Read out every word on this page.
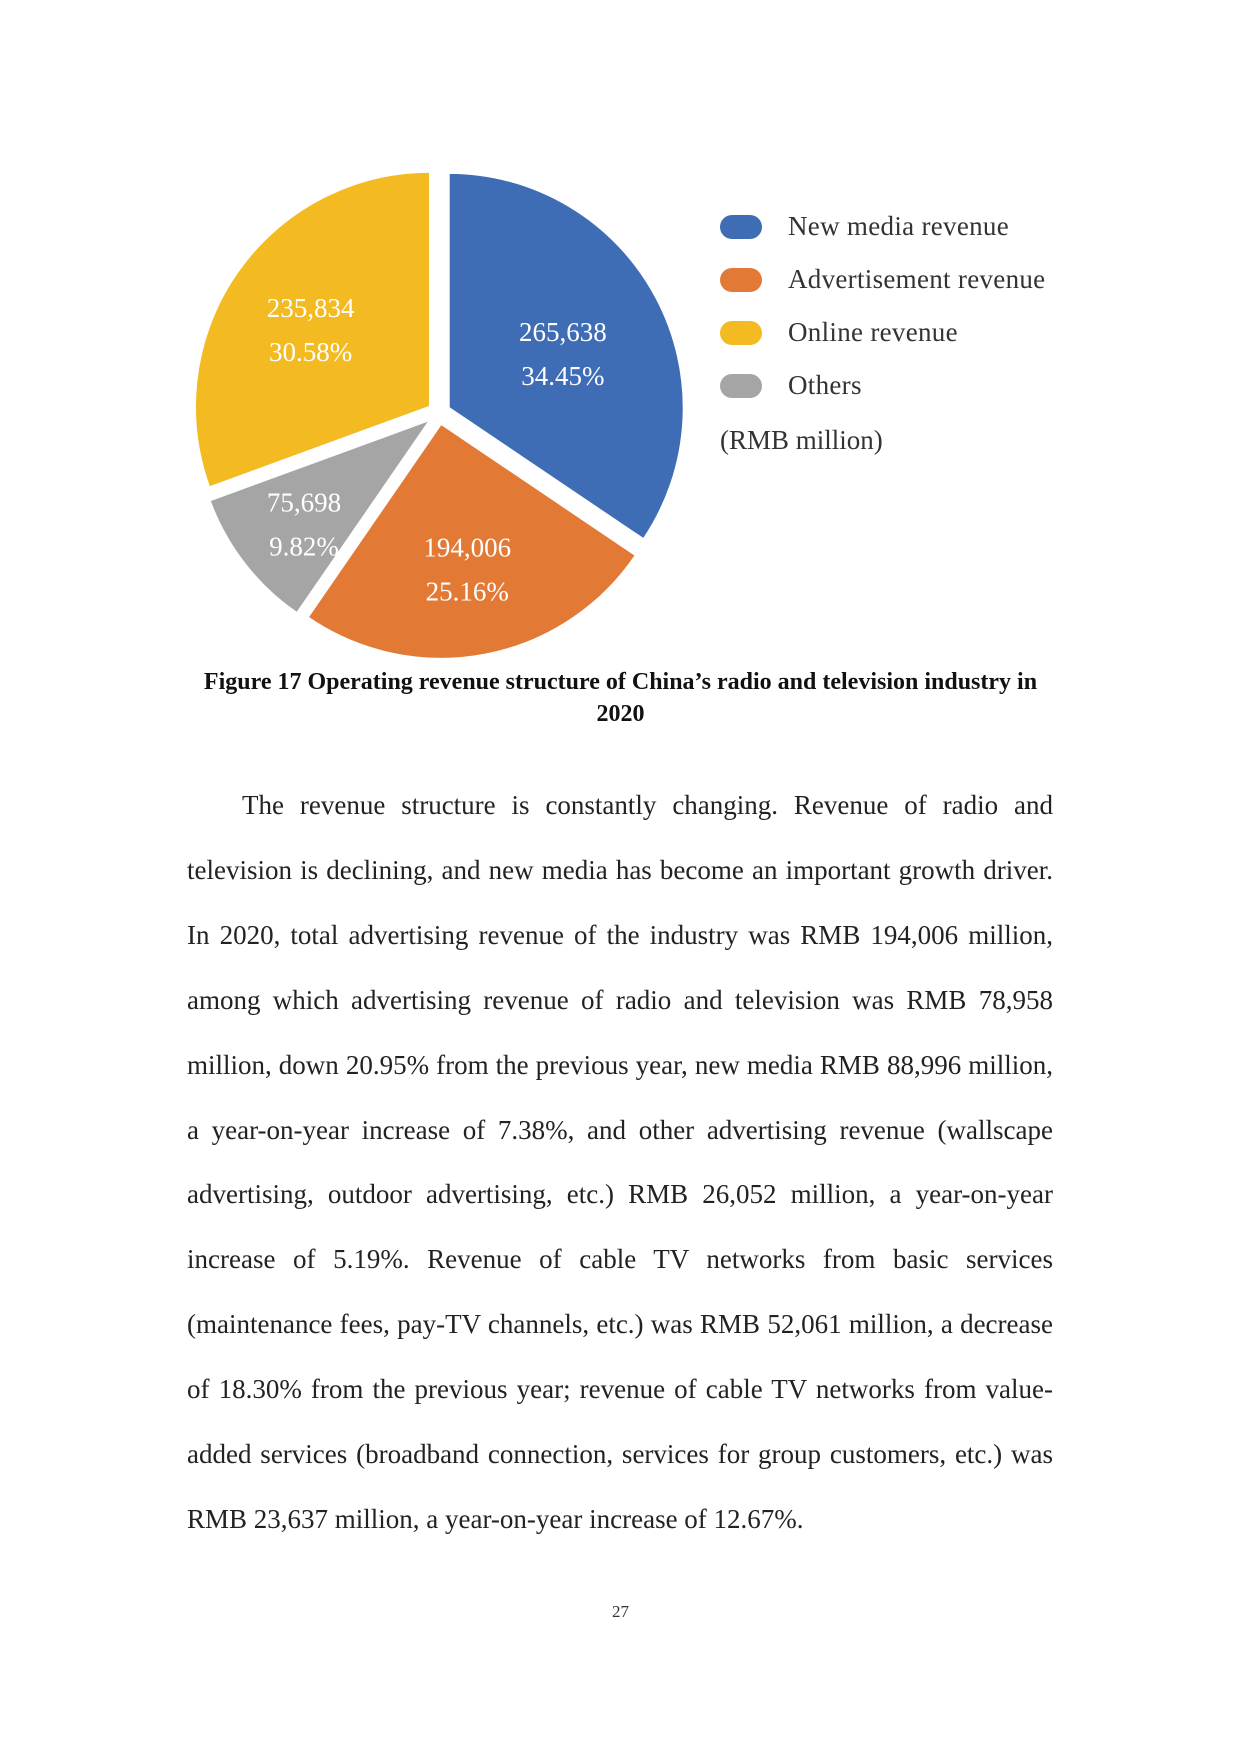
265,638
34.45%
194,006
25.16%
75,698
9.82%
235,834
30.58%
New media revenue
Advertisement revenue
Online revenue
Others
(RMB million)
Figure 17 Operating revenue structure of China’s radio and television industry in 2020

The revenue structure is constantly changing. Revenue of radio and television is declining, and new media has become an important growth driver. In 2020, total advertising revenue of the industry was RMB 194,006 million, among which advertising revenue of radio and television was RMB 78,958 million, down 20.95% from the previous year, new media RMB 88,996 million, a year-on-year increase of 7.38%, and other advertising revenue (wallscape advertising, outdoor advertising, etc.) RMB 26,052 million, a year-on-year increase of 5.19%. Revenue of cable TV networks from basic services (maintenance fees, pay-TV channels, etc.) was RMB 52,061 million, a decrease of 18.30% from the previous year; revenue of cable TV networks from value-added services (broadband connection, services for group customers, etc.) was RMB 23,637 million, a year-on-year increase of 12.67%.

27
